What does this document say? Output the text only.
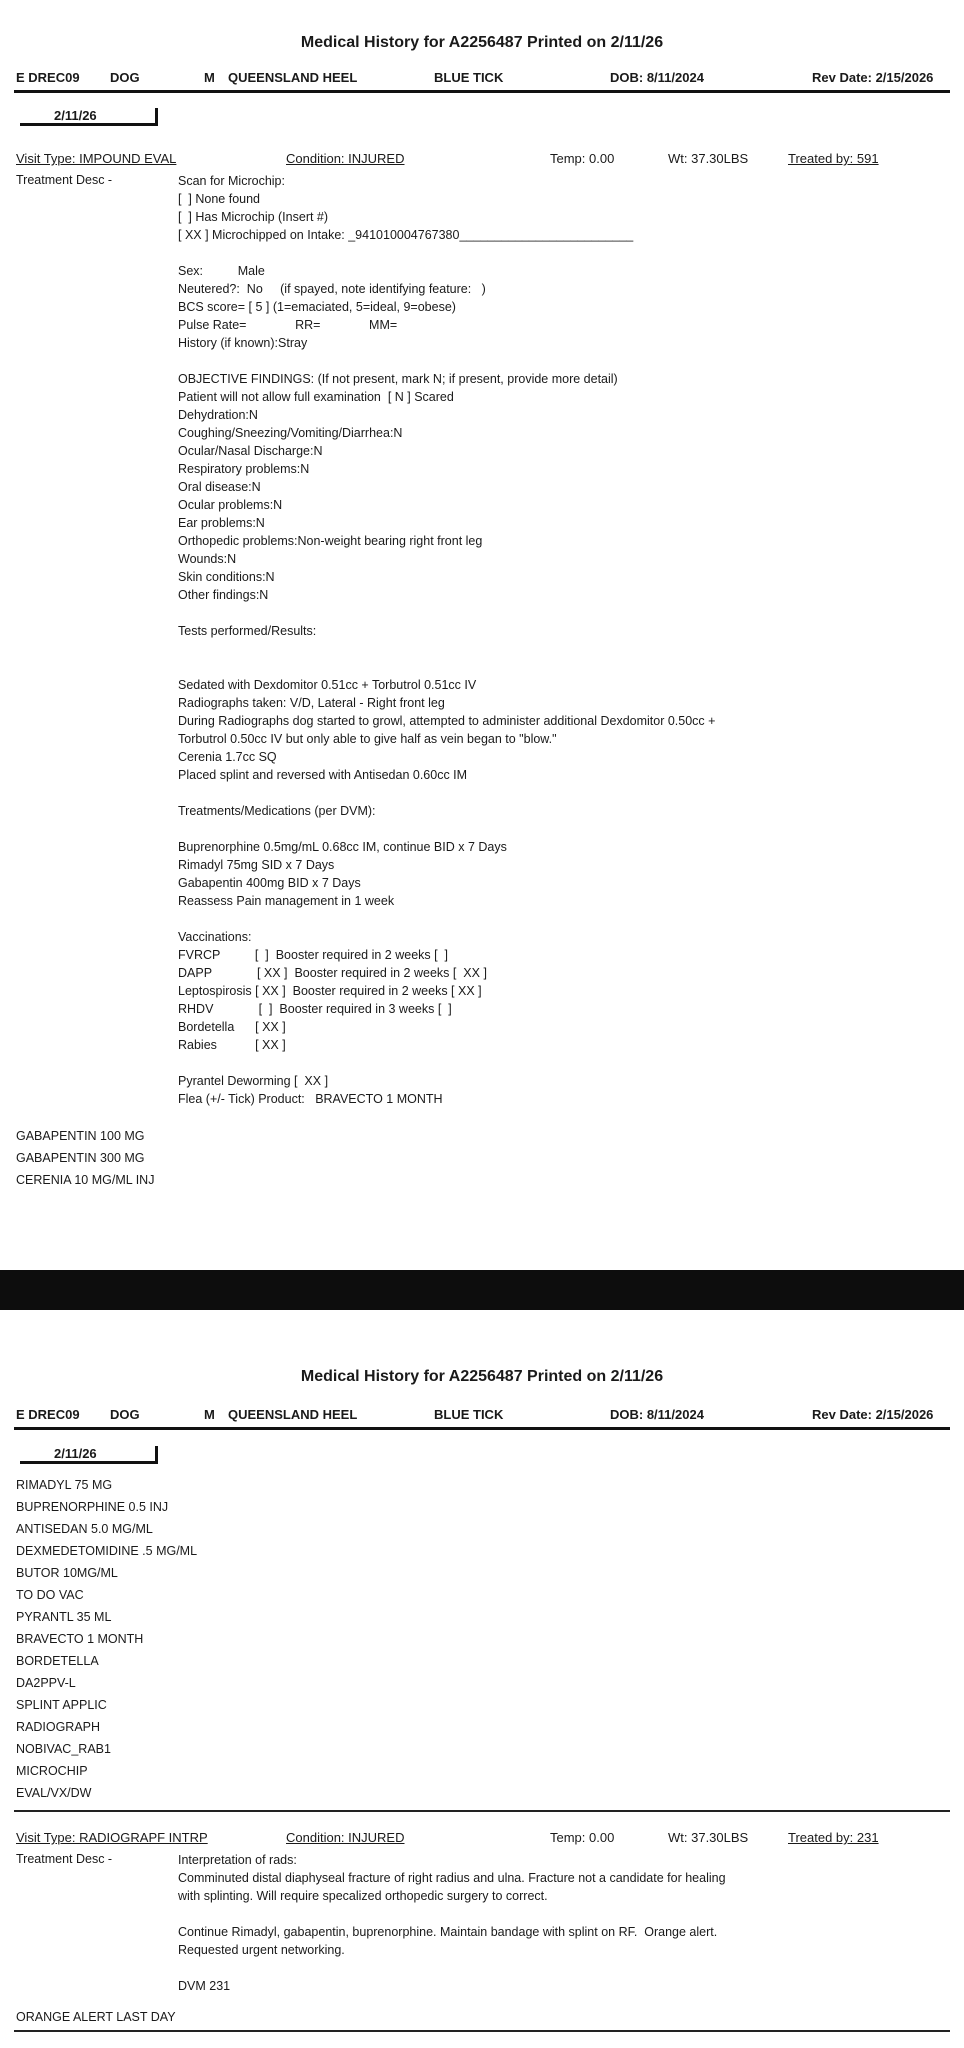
Medical History for A2256487 Printed on 2/11/26
E DREC09 DOG	M QUEENSLAND HEEL	BLUE TICK	DOB: 8/11/2024	Rev Date: 2/15/2026
2/11/26
Visit Type: IMPOUND EVAL	Condition: INJURED	Temp: 0.00	Wt: 37.30LBS	Treated by: 591
Treatment Desc -	Scan for Microchip:
[  ] None found
[  ] Has Microchip (Insert #)
[ XX ] Microchipped on Intake: _941010004767380_________________________
Sex:          Male
Neutered?:  No     (if spayed, note identifying feature:   )
BCS score= [ 5 ] (1=emaciated, 5=ideal, 9=obese)
Pulse Rate=              RR=              MM=
History (if known):Stray
OBJECTIVE FINDINGS: (If not present, mark N; if present, provide more detail)
Patient will not allow full examination  [ N ] Scared
Dehydration:N
Coughing/Sneezing/Vomiting/Diarrhea:N
Ocular/Nasal Discharge:N
Respiratory problems:N
Oral disease:N
Ocular problems:N
Ear problems:N
Orthopedic problems:Non-weight bearing right front leg
Wounds:N
Skin conditions:N
Other findings:N
Tests performed/Results:
Sedated with Dexdomitor 0.51cc + Torbutrol 0.51cc IV
Radiographs taken: V/D, Lateral - Right front leg
During Radiographs dog started to growl, attempted to administer additional Dexdomitor 0.50cc +
Torbutrol 0.50cc IV but only able to give half as vein began to "blow."
Cerenia 1.7cc SQ
Placed splint and reversed with Antisedan 0.60cc IM
Treatments/Medications (per DVM):
Buprenorphine 0.5mg/mL 0.68cc IM, continue BID x 7 Days
Rimadyl 75mg SID x 7 Days
Gabapentin 400mg BID x 7 Days
Reassess Pain management in 1 week
Vaccinations:
FVRCP          [  ]  Booster required in 2 weeks [  ]
DAPP             [ XX ]  Booster required in 2 weeks [  XX ]
Leptospirosis [ XX ]  Booster required in 2 weeks [ XX ]
RHDV             [  ]  Booster required in 3 weeks [  ]
Bordetella      [ XX ]
Rabies           [ XX ]
Pyrantel Deworming [  XX ]
Flea (+/- Tick) Product:   BRAVECTO 1 MONTH
GABAPENTIN 100 MG
GABAPENTIN 300 MG
CERENIA 10 MG/ML INJ
Medical History for A2256487 Printed on 2/11/26
E DREC09 DOG	M QUEENSLAND HEEL	BLUE TICK	DOB: 8/11/2024	Rev Date: 2/15/2026
2/11/26
RIMADYL 75 MG
BUPRENORPHINE 0.5 INJ
ANTISEDAN 5.0 MG/ML
DEXMEDETOMIDINE .5 MG/ML
BUTOR 10MG/ML
TO DO VAC
PYRANTL 35 ML
BRAVECTO 1 MONTH
BORDETELLA
DA2PPV-L
SPLINT APPLIC
RADIOGRAPH
NOBIVAC_RAB1
MICROCHIP
EVAL/VX/DW
Visit Type: RADIOGRAPF INTRP	Condition: INJURED	Temp: 0.00	Wt: 37.30LBS	Treated by: 231
Treatment Desc -	Interpretation of rads:
Comminuted distal diaphyseal fracture of right radius and ulna. Fracture not a candidate for healing
with splinting. Will require specalized orthopedic surgery to correct.
Continue Rimadyl, gabapentin, buprenorphine. Maintain bandage with splint on RF.  Orange alert.
Requested urgent networking.
DVM 231
ORANGE ALERT LAST DAY
